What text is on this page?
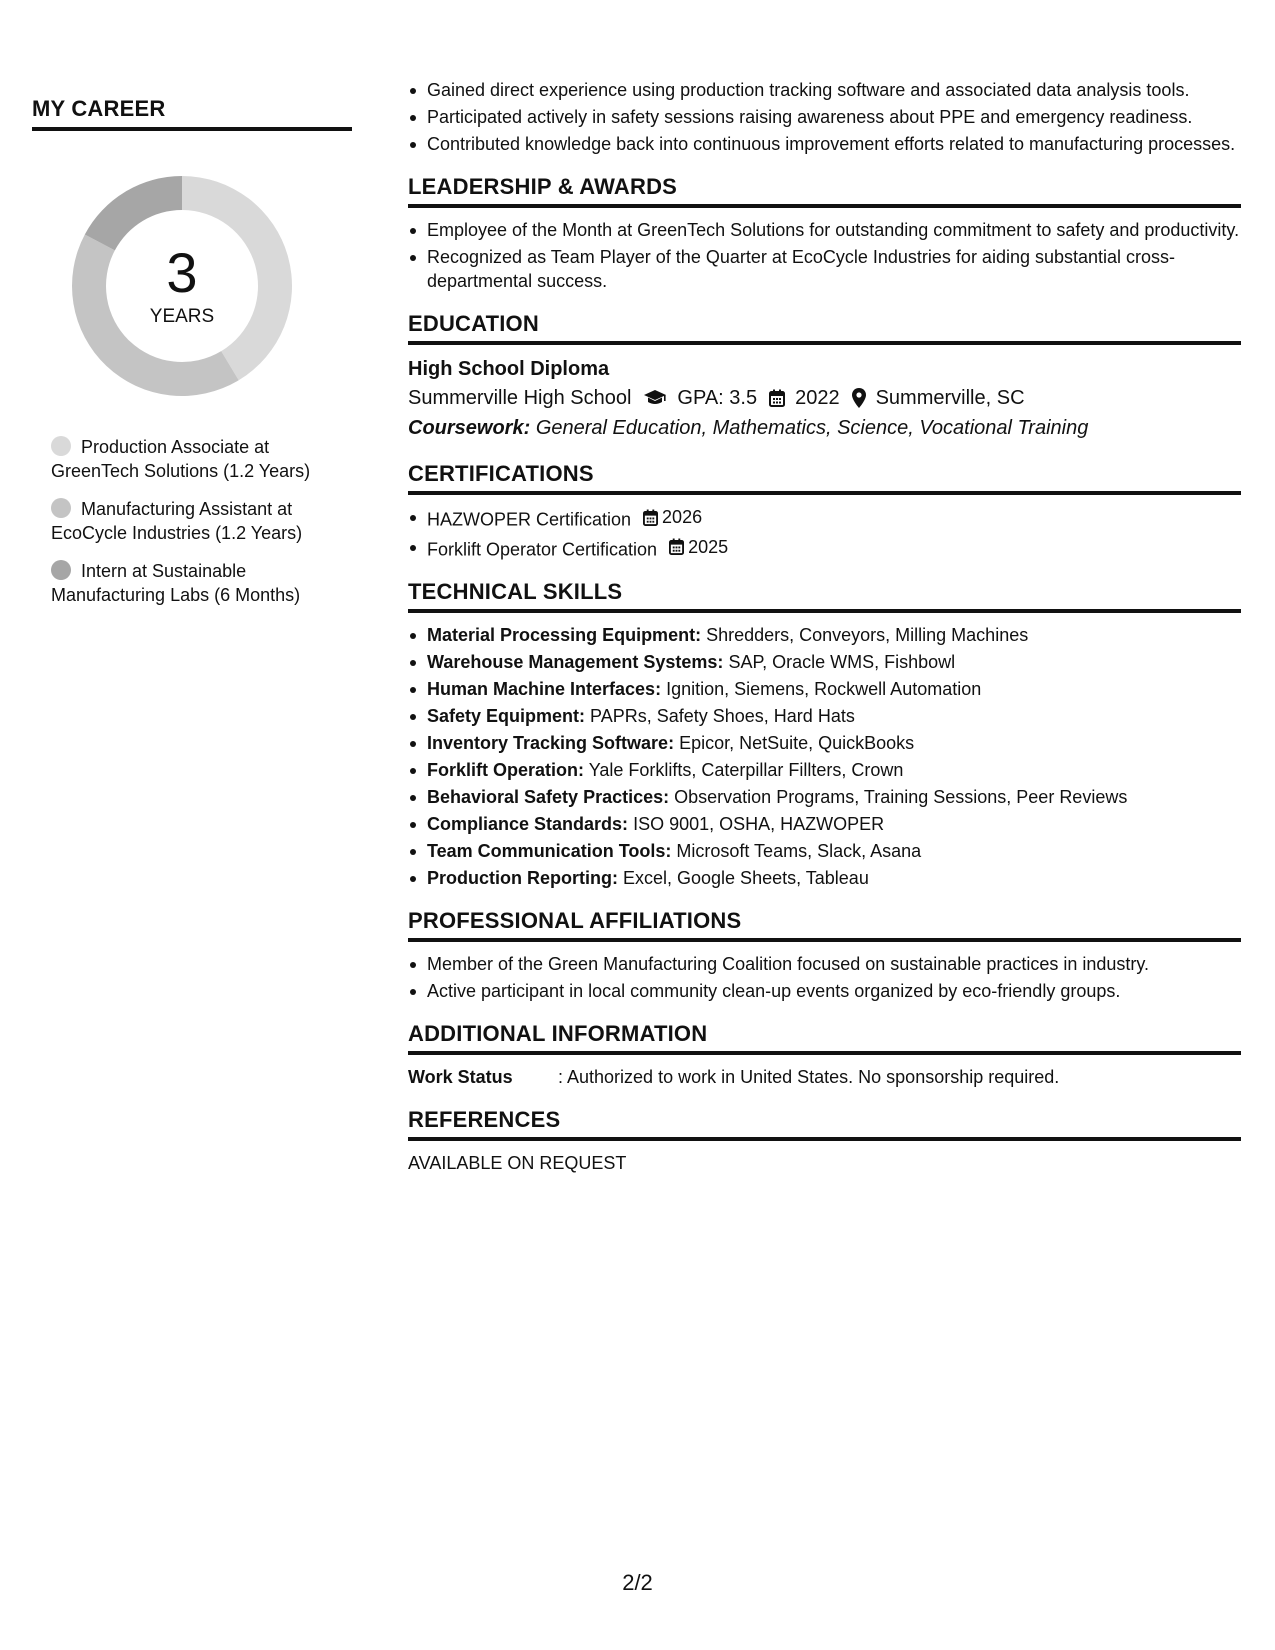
MY CAREER
3
YEARS
Production Associate at GreenTech Solutions (1.2 Years)
Manufacturing Assistant at EcoCycle Industries (1.2 Years)
Intern at Sustainable Manufacturing Labs (6 Months)
Gained direct experience using production tracking software and associated data analysis tools.
Participated actively in safety sessions raising awareness about PPE and emergency readiness.
Contributed knowledge back into continuous improvement efforts related to manufacturing processes.
LEADERSHIP & AWARDS
Employee of the Month at GreenTech Solutions for outstanding commitment to safety and productivity.
Recognized as Team Player of the Quarter at EcoCycle Industries for aiding substantial cross-departmental success.
EDUCATION
High School Diploma
Summerville High School GPA: 3.5 2022 Summerville, SC
Coursework: General Education, Mathematics, Science, Vocational Training
CERTIFICATIONS
HAZWOPER Certification 2026
Forklift Operator Certification 2025
TECHNICAL SKILLS
Material Processing Equipment: Shredders, Conveyors, Milling Machines
Warehouse Management Systems: SAP, Oracle WMS, Fishbowl
Human Machine Interfaces: Ignition, Siemens, Rockwell Automation
Safety Equipment: PAPRs, Safety Shoes, Hard Hats
Inventory Tracking Software: Epicor, NetSuite, QuickBooks
Forklift Operation: Yale Forklifts, Caterpillar Fillters, Crown
Behavioral Safety Practices: Observation Programs, Training Sessions, Peer Reviews
Compliance Standards: ISO 9001, OSHA, HAZWOPER
Team Communication Tools: Microsoft Teams, Slack, Asana
Production Reporting: Excel, Google Sheets, Tableau
PROFESSIONAL AFFILIATIONS
Member of the Green Manufacturing Coalition focused on sustainable practices in industry.
Active participant in local community clean-up events organized by eco-friendly groups.
ADDITIONAL INFORMATION
Work Status	: Authorized to work in United States. No sponsorship required.
REFERENCES
AVAILABLE ON REQUEST
2/2
